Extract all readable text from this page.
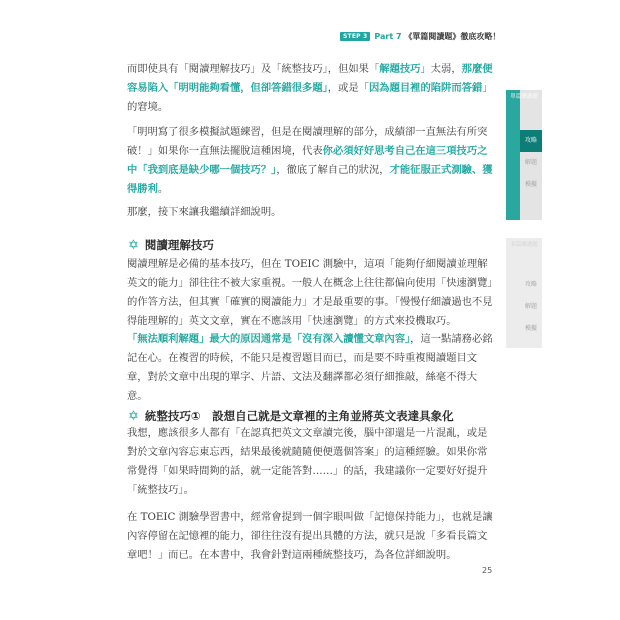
STEP 3 Part 7 《單篇閱讀題》徹底攻略！

而即使具有「閱讀理解技巧」及「統整技巧」，但如果「解題技巧」太弱，那麼便容易陷入「明明能夠看懂，但卻答錯很多題」，或是「因為題目裡的陷阱而答錯」的窘境。

「明明寫了很多模擬試題練習，但是在閱讀理解的部分，成績卻一直無法有所突破！」如果你一直無法擺脫這種困境，代表你必須好好思考自己在這三項技巧之中「我到底是缺少哪一個技巧？」，徹底了解自己的狀況，才能征服正式測驗、獲得勝利。

那麼，接下來讓我繼續詳細說明。

✡ 閱讀理解技巧

閱讀理解是必備的基本技巧，但在 TOEIC 測驗中，這項「能夠仔細閱讀並理解英文的能力」卻往往不被大家重視。一般人在概念上往往都偏向使用「快速瀏覽」的作答方法，但其實「確實的閱讀能力」才是最重要的事。「慢慢仔細讀過也不見得能理解的」英文文章，實在不應該用「快速瀏覽」的方式來投機取巧。

「無法順利解題」最大的原因通常是「沒有深入讀懂文章內容」，這一點請務必銘記在心。在複習的時候，不能只是複習題目而已，而是要不時重複閱讀題目文章，對於文章中出現的單字、片語、文法及翻譯都必須仔細推敲，絲毫不得大意。

✡ 統整技巧①　設想自己就是文章裡的主角並將英文表達具象化

我想，應該很多人都有「在認真把英文文章讀完後，腦中卻還是一片混亂，或是對於文章內容忘東忘西，結果最後就隨隨便便選個答案」的這種經驗。如果你常常覺得「如果時間夠的話，就一定能答對……」的話，我建議你一定要好好提升「統整技巧」。

在 TOEIC 測驗學習書中，經常會提到一個字眼叫做「記憶保持能力」，也就是讓內容停留在記憶裡的能力，卻往往沒有提出具體的方法，就只是說「多看長篇文章吧！」而已。在本書中，我會針對這兩種統整技巧，為各位詳細說明。

單篇閱讀題
攻略
解題
模擬
多篇閱讀題
攻略
解題
模擬
25
